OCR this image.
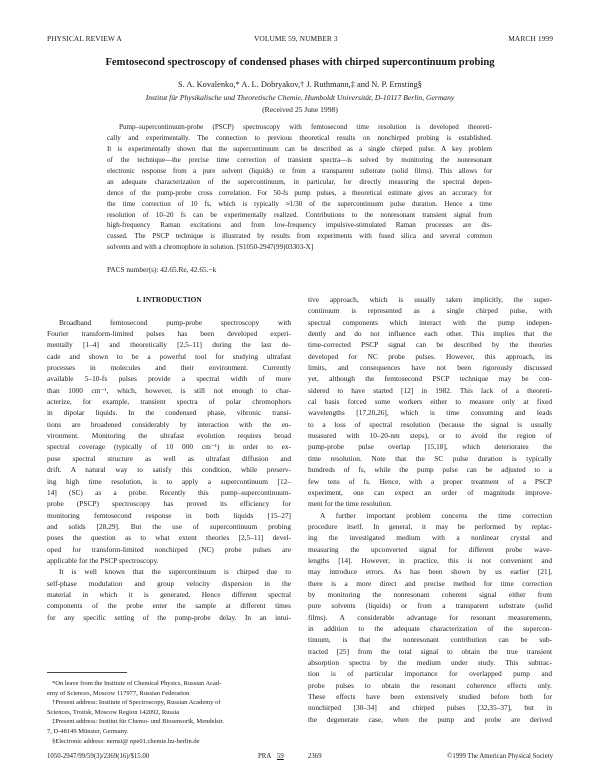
PHYSICAL REVIEW A	VOLUME 59, NUMBER 3	MARCH 1999
Femtosecond spectroscopy of condensed phases with chirped supercontinuum probing
S. A. Kovalenko,* A. L. Dobryakov,† J. Ruthmann,‡ and N. P. Ernsting§
Institut für Physikalische und Theoretische Chemie, Humboldt Universität, D-10117 Berlin, Germany
(Received 25 June 1998)
Pump–supercontinuum-probe (PSCP) spectroscopy with femtosecond time resolution is developed theoreti-
cally and experimentally. The connection to previous theoretical results on nonchirped probing is established.
It is experimentally shown that the supercontinuum can be described as a single chirped pulse. A key problem
of the technique—the precise time correction of transient spectra—is solved by monitoring the nonresonant
electronic response from a pure solvent (liquids) or from a transparent substrate (solid films). This allows for
an adequate characterization of the supercontinuum, in particular, for directly measuring the spectral depen-
dence of the pump-probe cross correlation. For 50-fs pump pulses, a theoretical estimate gives an accuracy for
the time correction of 10 fs, which is typically ≈1/30 of the supercontinuum pulse duration. Hence a time
resolution of 10–20 fs can be experimentally realized. Contributions to the nonresonant transient signal from
high-frequency Raman excitations and from low-frequency impulsive-stimulated Raman processes are dis-
cussed. The PSCP technique is illustrated by results from experiments with fused silica and several common
solvents and with a chromophore in solution. [S1050-2947(99)03303-X]
PACS number(s): 42.65.Re, 42.65.−k
I. INTRODUCTION
Broadband femtosecond pump-probe spectroscopy with
Fourier transform-limited pulses has been developed experi-
mentally [1–4] and theoretically [2,5–11] during the last de-
cade and shown to be a powerful tool for studying ultrafast
processes in molecules and their environment. Currently
available 5–10-fs pulses provide a spectral width of more
than 1000 cm⁻¹, which, however, is still not enough to char-
acterize, for example, transient spectra of polar chromophors
in dipolar liquids. In the condensed phase, vibronic transi-
tions are broadened considerably by interaction with the en-
vironment. Monitoring the ultrafast evolution requires broad
spectral coverage (typically of 10 000 cm⁻¹) in order to ex-
pose spectral structure as well as ultrafast diffusion and
drift. A natural way to satisfy this condition, while preserv-
ing high time resolution, is to apply a supercontinuum [12–
14] (SC) as a probe. Recently this pump–supercontinuum-
probe (PSCP) spectroscopy has proved its efficiency for
monitoring femtosecond response in both liquids [15–27]
and solids [28,29]. But the use of supercontinuum probing
poses the question as to what extent theories [2,5–11] devel-
oped for transform-limited nonchirped (NC) probe pulses are
applicable for the PSCP spectroscopy.
It is well known that the supercontinuum is chirped due to
self-phase modulation and group velocity dispersion in the
material in which it is generated. Hence different spectral
components of the probe enter the sample at different times
for any specific setting of the pump-probe delay. In an intui-
tive approach, which is usually taken implicitly, the super-
continuum is represented as a single chirped pulse, with
spectral components which interact with the pump indepen-
dently and do not influence each other. This implies that the
time-corrected PSCP signal can be described by the theories
developed for NC probe pulses. However, this approach, its
limits, and consequences have not been rigorously discussed
yet, although the femtosecond PSCP technique may be con-
sidered to have started [12] in 1982. This lack of a theoreti-
cal basis forced some workers either to measure only at fixed
wavelengths [17,20,26], which is time consuming and leads
to a loss of spectral resolution (because the signal is usually
measured with 10–20-nm steps), or to avoid the region of
pump-probe pulse overlap [15,18], which deteriorates the
time resolution. Note that the SC pulse duration is typically
hundreds of fs, while the pump pulse can be adjusted to a
few tens of fs. Hence, with a proper treatment of a PSCP
experiment, one can expect an order of magnitude improve-
ment for the time resolution.
A further important problem concerns the time correction
procedure itself. In general, it may be performed by replac-
ing the investigated medium with a nonlinear crystal and
measuring the upconverted signal for different probe wave-
lengths [14]. However, in practice, this is not convenient and
may introduce errors. As has been shown by us earlier [21],
there is a more direct and precise method for time correction
by monitoring the nonresonant coherent signal either from
pure solvents (liquids) or from a transparent substrate (solid
films). A considerable advantage for resonant measurements,
in addition to the adequate characterization of the supercon-
tinuum, is that the nonresonant contribution can be sub-
tracted [25] from the total signal to obtain the true transient
absorption spectra by the medium under study. This subtrac-
tion is of particular importance for overlapped pump and
probe pulses to obtain the resonant coherence effects only.
These effects have been extensively studied before both for
nonchirped [30–34] and chirped pulses [32,35–37], but in
the degenerate case, when the pump and probe are derived
*On leave from the Institute of Chemical Physics, Russian Acad-
emy of Sciences, Moscow 117977, Russian Federation
†Present address: Institute of Spectroscopy, Russian Academy of
Sciences, Troitsk, Moscow Region 142092, Russia
‡Present address: Institut für Chemo- und Biosensorik, Mendelstr.
7, D-48149 Münster, Germany.
§Electronic address: nernst@ npe01.chemie.hu-berlin.de
1050-2947/99/59(3)/2369(16)/$15.00	PRA 59	2369	©1999 The American Physical Society
